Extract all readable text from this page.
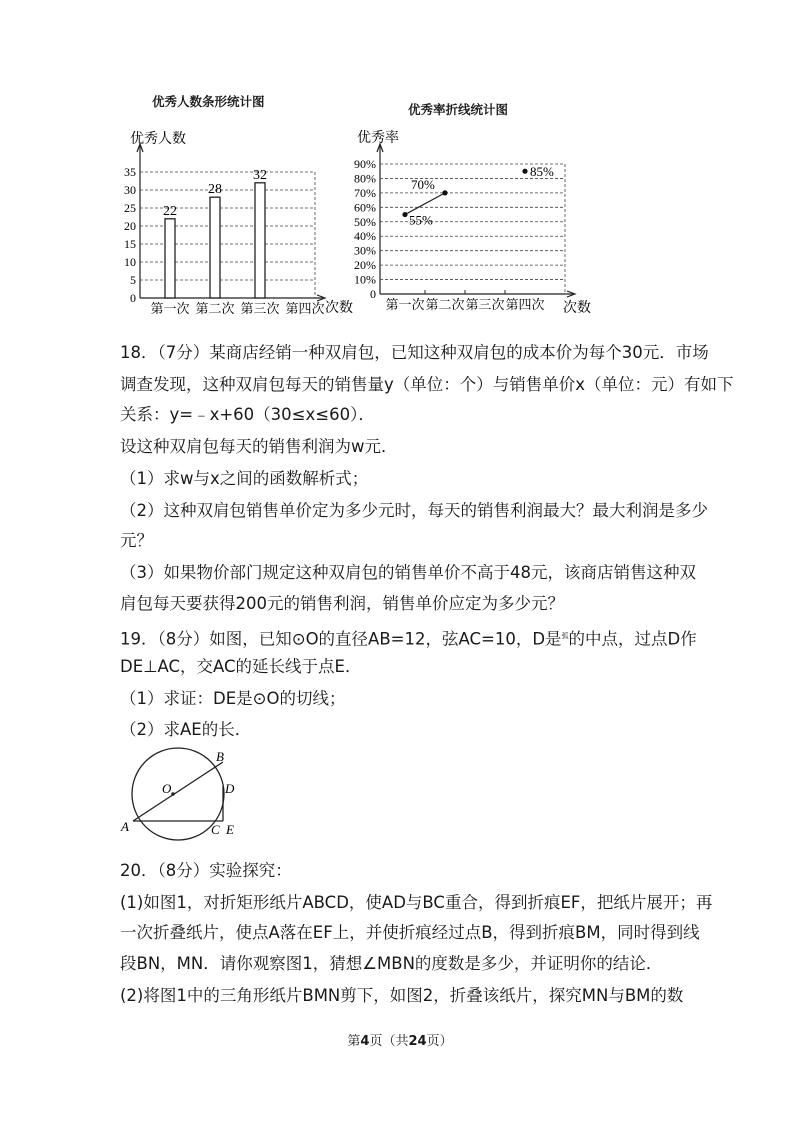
优秀人数条形统计图
优秀率折线统计图
优秀人数
次数
0
5
10
15
20
25
30
35
第一次
22
第二次
28
第三次
32
第四次
优秀率
次数
0
10%
20%
30%
40%
50%
60%
70%
80%
90%
第一次 第二次 第三次 第四次
55%
70%
85%
18．（7分）某商店经销一种双肩包，已知这种双肩包的成本价为每个30元．市场
调查发现，这种双肩包每天的销售量y（单位：个）与销售单价x（单位：元）有如下
关系：y=﹣x+60（30≤x≤60）．
设这种双肩包每天的销售利润为w元．
（1）求w与x之间的函数解析式；
（2）这种双肩包销售单价定为多少元时，每天的销售利润最大？最大利润是多少
元？
（3）如果物价部门规定这种双肩包的销售单价不高于48元，该商店销售这种双
肩包每天要获得200元的销售利润，销售单价应定为多少元？
19．（8分）如图，已知⊙O的直径AB=12，弦AC=10，D是$^弧$的中点，过点D作
DE⊥AC，交AC的延长线于点E．
（1）求证：DE是⊙O的切线；
（2）求AE的长．
O
B
D
A	C E
20．（8分）实验探究：
(1)如图1，对折矩形纸片ABCD，使AD与BC重合，得到折痕EF，把纸片展开；再
一次折叠纸片，使点A落在EF上，并使折痕经过点B，得到折痕BM，同时得到线
段BN，MN．请你观察图1，猜想∠MBN的度数是多少，并证明你的结论．
(2)将图1中的三角形纸片BMN剪下，如图2，折叠该纸片，探究MN与BM的数
第4页（共24页）
